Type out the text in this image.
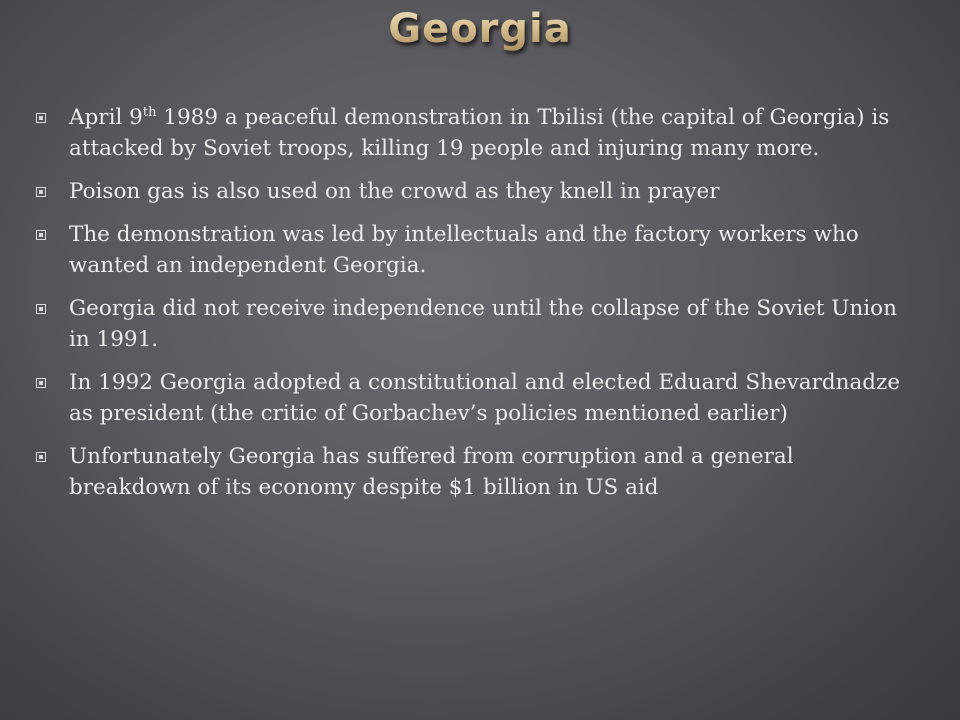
Georgia
April 9th 1989 a peaceful demonstration in Tbilisi (the capital of Georgia) is attacked by Soviet troops, killing 19 people and injuring many more.
Poison gas is also used on the crowd as they knell in prayer
The demonstration was led by intellectuals and the factory workers who wanted an independent Georgia.
Georgia did not receive independence until the collapse of the Soviet Union in 1991.
In 1992 Georgia adopted a constitutional and elected Eduard Shevardnadze as president (the critic of Gorbachev’s policies mentioned earlier)
Unfortunately Georgia has suffered from corruption and a general breakdown of its economy despite $1 billion in US aid
